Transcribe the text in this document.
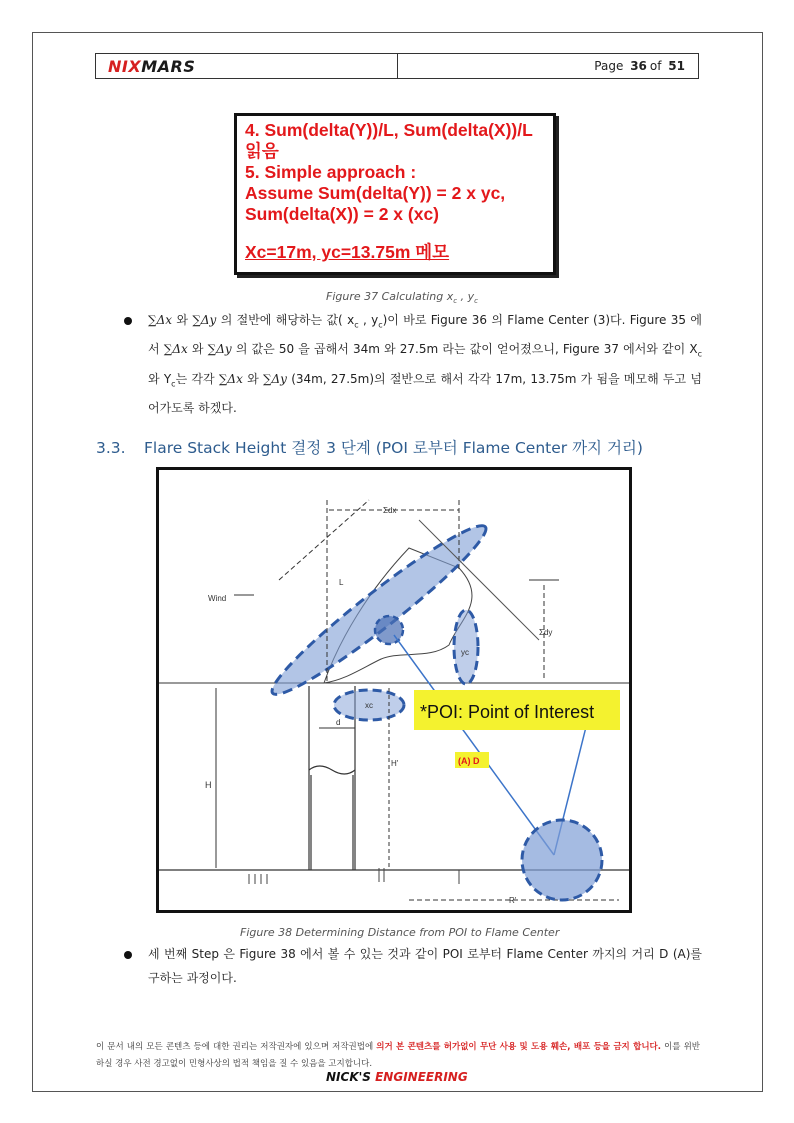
NIXMARS	Page
36 of
51
4. Sum(delta(Y))/L, Sum(delta(X))/L
읽음
5. Simple approach :
Assume Sum(delta(Y)) = 2 x yc,
Sum(delta(X)) = 2 x (xc)
Xc=17m, yc=13.75m 메모
Figure 37 Calculating $x_c$ , $y_c$
∑Δx 와 ∑Δy 의 절반에 해당하는 값( $x_c$ , $y_c$)이 바로 Figure 36 의 Flame Center (3)다. Figure 35 에서 ∑Δx 와 ∑Δy 의 값은 50 을 곱해서 34m 와 27.5m 라는 값이 얻어졌으니, Figure 37 에서와 같이 $X_c$와 $Y_c$는 각각 ∑Δx 와 ∑Δy (34m, 27.5m)의 절반으로 해서 각각 17m, 13.75m 가 됨을 메모해 두고 넘어가도록 하겠다.
3.3. Flare Stack Height 결정 3 단계 (POI 로부터 Flame Center 까지 거리)
Wind
Σdx
Σdy
L
yc
xc
d
H
H'
R'
*POI: Point of Interest
(A) D
Figure 38 Determining Distance from POI to Flame Center
세 번째 Step 은 Figure 38 에서 볼 수 있는 것과 같이 POI 로부터 Flame Center 까지의 거리 D (A)를 구하는 과정이다.
이 문서 내의 모든 콘텐츠 등에 대한 권리는 저작권자에 있으며 저작권법에 의거 본 콘텐츠를 허가없이 무단 사용 및 도용 훼손, 배포 등을 금지 합니다. 이를 위반 하실 경우 사전 경고없이 민형사상의 법적 책임을 질 수 있음을 고지합니다.
NICK'S ENGINEERING
